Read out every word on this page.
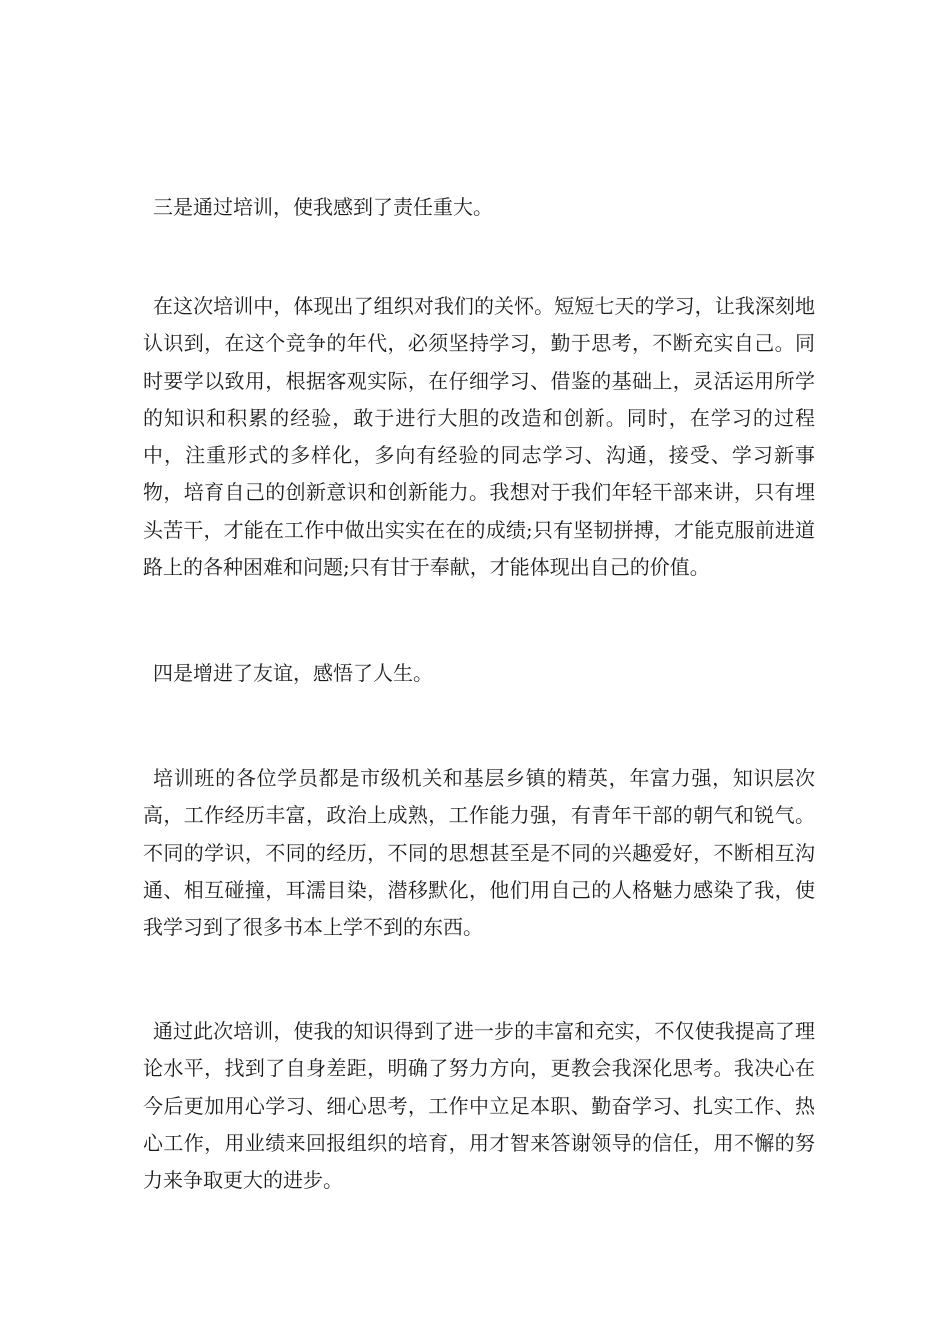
三是通过培训，使我感到了责任重大。

在这次培训中，体现出了组织对我们的关怀。短短七天的学习，让我深刻地认识到，在这个竞争的年代，必须坚持学习，勤于思考，不断充实自己。同时要学以致用，根据客观实际，在仔细学习、借鉴的基础上，灵活运用所学的知识和积累的经验，敢于进行大胆的改造和创新。同时，在学习的过程中，注重形式的多样化，多向有经验的同志学习、沟通，接受、学习新事物，培育自己的创新意识和创新能力。我想对于我们年轻干部来讲，只有埋头苦干，才能在工作中做出实实在在的成绩;只有坚韧拼搏，才能克服前进道路上的各种困难和问题;只有甘于奉献，才能体现出自己的价值。

四是增进了友谊，感悟了人生。

培训班的各位学员都是市级机关和基层乡镇的精英，年富力强，知识层次高，工作经历丰富，政治上成熟，工作能力强，有青年干部的朝气和锐气。不同的学识，不同的经历，不同的思想甚至是不同的兴趣爱好，不断相互沟通、相互碰撞，耳濡目染，潜移默化，他们用自己的人格魅力感染了我，使我学习到了很多书本上学不到的东西。

通过此次培训，使我的知识得到了进一步的丰富和充实，不仅使我提高了理论水平，找到了自身差距，明确了努力方向，更教会我深化思考。我决心在今后更加用心学习、细心思考，工作中立足本职、勤奋学习、扎实工作、热心工作，用业绩来回报组织的培育，用才智来答谢领导的信任，用不懈的努力来争取更大的进步。
